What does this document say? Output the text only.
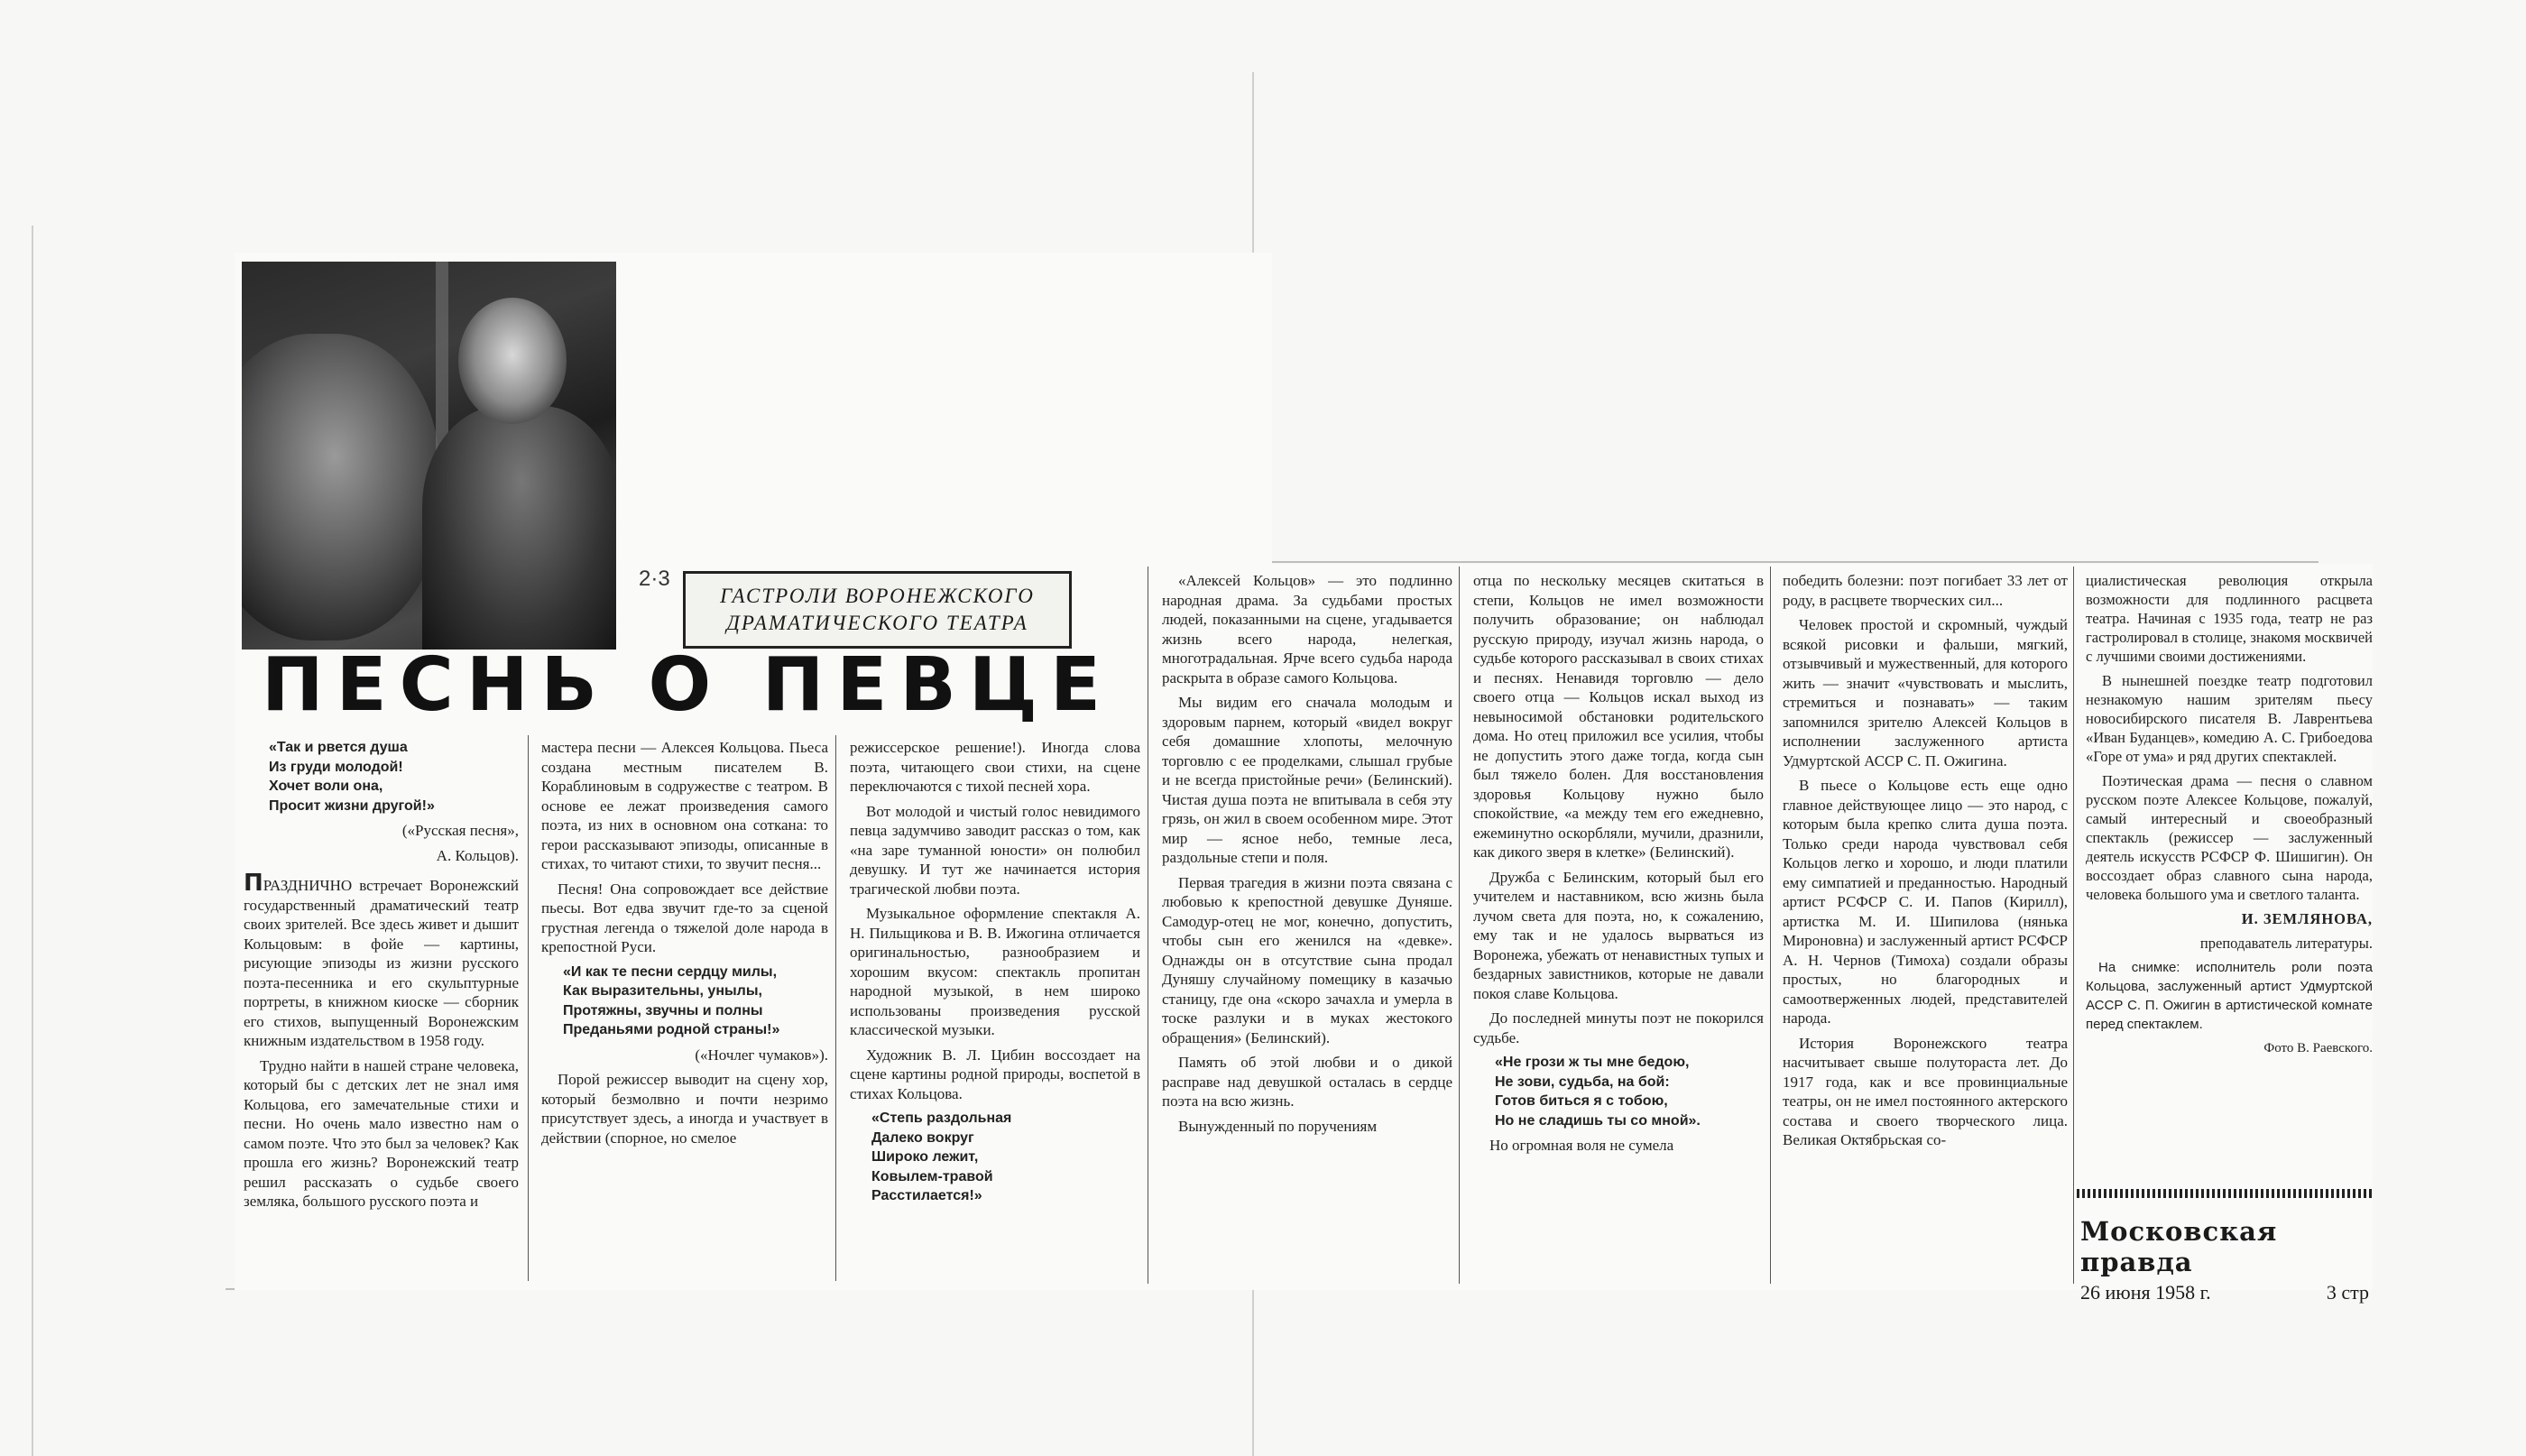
2·3
ГАСТРОЛИ ВОРОНЕЖСКОГО
ДРАМАТИЧЕСКОГО ТЕАТРА
ПЕСНЬ О ПЕВЦЕ

«Так и рвется душа
Из груди молодой!
Хочет воли она,
Просит жизни другой!»

(«Русская песня»,

А. Кольцов).

ПРАЗДНИЧНО встречает Воронежский государственный драматический театр своих зрителей. Все здесь живет и дышит Кольцовым: в фойе — картины, рисующие эпизоды из жизни русского поэта-песенника и его скульптурные портреты, в книжном киоске — сборник его стихов, выпущенный Воронежским книжным издательством в 1958 году.

Трудно найти в нашей стране человека, который бы с детских лет не знал имя Кольцова, его замечательные стихи и песни. Но очень мало известно нам о самом поэте. Что это был за человек? Как прошла его жизнь? Воронежский театр решил рассказать о судьбе своего земляка, большого русского поэта и

мастера песни — Алексея Кольцова. Пьеса создана местным писателем В. Кораблиновым в содружестве с театром. В основе ее лежат произведения самого поэта, из них в основном она соткана: то герои рассказывают эпизоды, описанные в стихах, то читают стихи, то звучит песня...

Песня! Она сопровождает все действие пьесы. Вот едва звучит где-то за сценой грустная легенда о тяжелой доле народа в крепостной Руси.

«И как те песни сердцу милы,
Как выразительны, унылы,
Протяжны, звучны и полны
Преданьями родной страны!»

(«Ночлег чумаков»).

Порой режиссер выводит на сцену хор, который безмолвно и почти незримо присутствует здесь, а иногда и участвует в действии (спорное, но смелое

режиссерское решение!). Иногда слова поэта, читающего свои стихи, на сцене переключаются с тихой песней хора.

Вот молодой и чистый голос невидимого певца задумчиво заводит рассказ о том, как «на заре туманной юности» он полюбил девушку. И тут же начинается история трагической любви поэта.

Музыкальное оформление спектакля А. Н. Пильщикова и В. В. Ижогина отличается оригинальностью, разнообразием и хорошим вкусом: спектакль пропитан народной музыкой, в нем широко использованы произведения русской классической музыки.

Художник В. Л. Цибин воссоздает на сцене картины родной природы, воспетой в стихах Кольцова.

«Степь раздольная
Далеко вокруг
Широко лежит,
Ковылем-травой
Расстилается!»

«Алексей Кольцов» — это подлинно народная драма. За судьбами простых людей, показанными на сцене, угадывается жизнь всего народа, нелегкая, многотрадальная. Ярче всего судьба народа раскрыта в образе самого Кольцова.

Мы видим его сначала молодым и здоровым парнем, который «видел вокруг себя домашние хлопоты, мелочную торговлю с ее проделками, слышал грубые и не всегда пристойные речи» (Белинский). Чистая душа поэта не впитывала в себя эту грязь, он жил в своем особенном мире. Этот мир — ясное небо, темные леса, раздольные степи и поля.

Первая трагедия в жизни поэта связана с любовью к крепостной девушке Дуняше. Самодур-отец не мог, конечно, допустить, чтобы сын его женился на «девке». Однажды он в отсутствие сына продал Дуняшу случайному помещику в казачью станицу, где она «скоро зачахла и умерла в тоске разлуки и в муках жестокого обращения» (Белинский).

Память об этой любви и о дикой расправе над девушкой осталась в сердце поэта на всю жизнь.

Вынужденный по поручениям

отца по нескольку месяцев скитаться в степи, Кольцов не имел возможности получить образование; он наблюдал русскую природу, изучал жизнь народа, о судьбе которого рассказывал в своих стихах и песнях. Ненавидя торговлю — дело своего отца — Кольцов искал выход из невыносимой обстановки родительского дома. Но отец приложил все усилия, чтобы не допустить этого даже тогда, когда сын был тяжело болен. Для восстановления здоровья Кольцову нужно было спокойствие, «а между тем его ежедневно, ежеминутно оскорбляли, мучили, дразнили, как дикого зверя в клетке» (Белинский).

Дружба с Белинским, который был его учителем и наставником, всю жизнь была лучом света для поэта, но, к сожалению, ему так и не удалось вырваться из Воронежа, убежать от ненавистных тупых и бездарных завистников, которые не давали покоя славе Кольцова.

До последней минуты поэт не покорился судьбе.

«Не грози ж ты мне бедою,
Не зови, судьба, на бой:
Готов биться я с тобою,
Но не сладишь ты со мной».

Но огромная воля не сумела

победить болезни: поэт погибает 33 лет от роду, в расцвете творческих сил...

Человек простой и скромный, чуждый всякой рисовки и фальши, мягкий, отзывчивый и мужественный, для которого жить — значит «чувствовать и мыслить, стремиться и познавать» — таким запомнился зрителю Алексей Кольцов в исполнении заслуженного артиста Удмуртской АССР С. П. Ожигина.

В пьесе о Кольцове есть еще одно главное действующее лицо — это народ, с которым была крепко слита душа поэта. Только среди народа чувствовал себя Кольцов легко и хорошо, и люди платили ему симпатией и преданностью. Народный артист РСФСР С. И. Папов (Кирилл), артистка М. И. Шипилова (нянька Мироновна) и заслуженный артист РСФСР А. Н. Чернов (Тимоха) создали образы простых, но благородных и самоотверженных людей, представителей народа.

История Воронежского театра насчитывает свыше полутораста лет. До 1917 года, как и все провинциальные театры, он не имел постоянного актерского состава и своего творческого лица. Великая Октябрьская со-

циалистическая революция открыла возможности для подлинного расцвета театра. Начиная с 1935 года, театр не раз гастролировал в столице, знакомя москвичей с лучшими своими достижениями.

В нынешней поездке театр подготовил незнакомую нашим зрителям пьесу новосибирского писателя В. Лаврентьева «Иван Буданцев», комедию А. С. Грибоедова «Горе от ума» и ряд других спектаклей.

Поэтическая драма — песня о славном русском поэте Алексее Кольцове, пожалуй, самый интересный и своеобразный спектакль (режиссер — заслуженный деятель искусств РСФСР Ф. Шишигин). Он воссоздает образ славного сына народа, человека большого ума и светлого таланта.

И. ЗЕМЛЯНОВА,

преподаватель литературы.

На снимке: исполнитель роли поэта Кольцова, заслуженный артист Удмуртской АССР С. П. Ожигин в артистической комнате перед спектаклем.

Фото В. Раевского.

Московская правда
26 июня 1958 г.	3 стр
